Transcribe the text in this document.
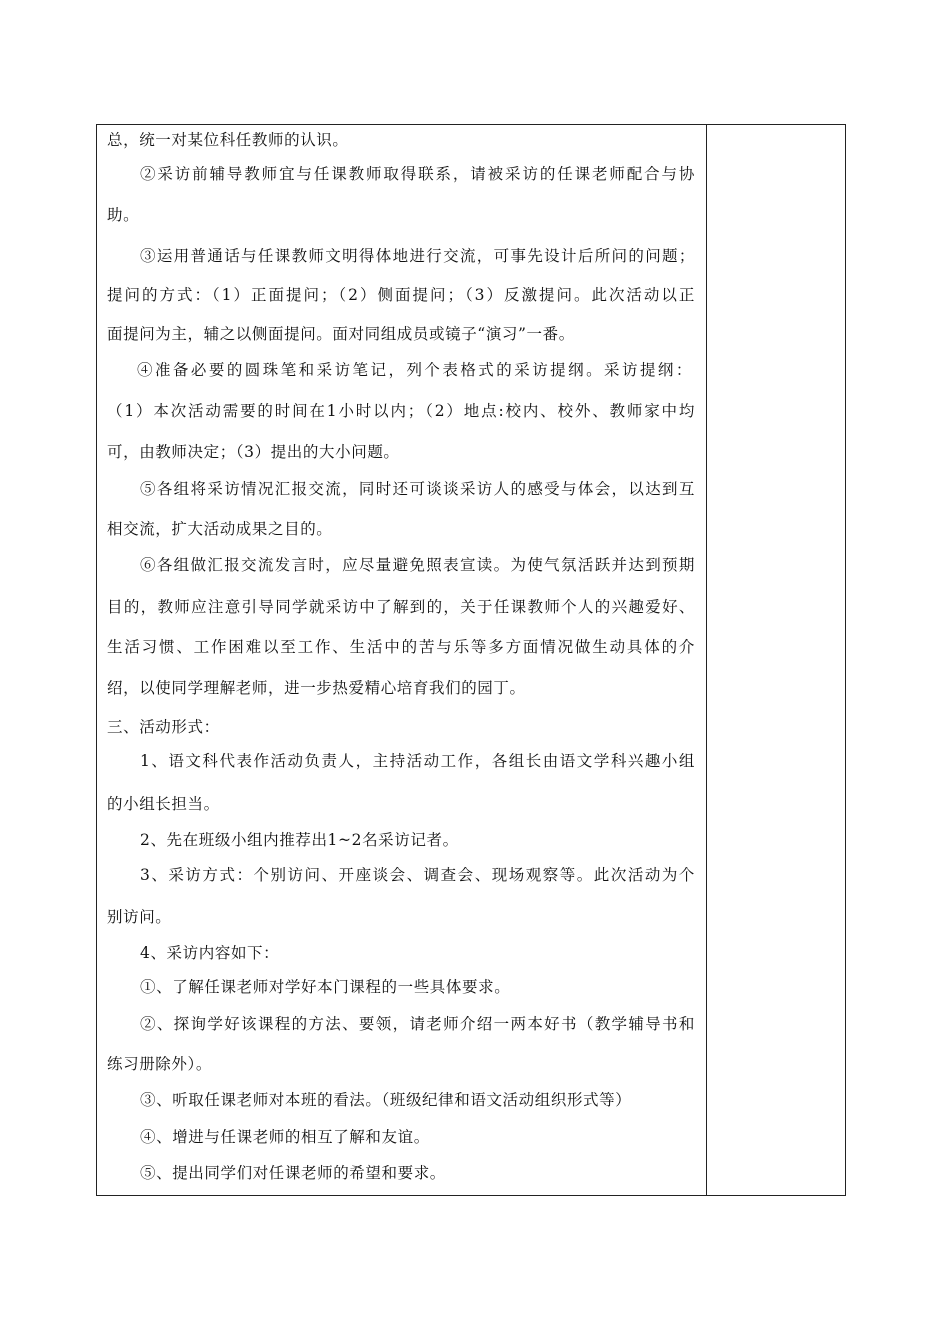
总，统一对某位科任教师的认识。
②采访前辅导教师宜与任课教师取得联系，请被采访的任课老师配合与协
助。
③运用普通话与任课教师文明得体地进行交流，可事先设计后所问的问题；
提问的方式：（1）正面提问；（2）侧面提问；（3）反激提问。此次活动以正
面提问为主，辅之以侧面提问。面对同组成员或镜子“演习”一番。
④准备必要的圆珠笔和采访笔记，列个表格式的采访提纲。采访提纲：
（1）本次活动需要的时间在1小时以内；（2）地点:校内、校外、教师家中均
可，由教师决定；（3）提出的大小问题。
⑤各组将采访情况汇报交流，同时还可谈谈采访人的感受与体会，以达到互
相交流，扩大活动成果之目的。
⑥各组做汇报交流发言时，应尽量避免照表宣读。为使气氛活跃并达到预期
目的，教师应注意引导同学就采访中了解到的，关于任课教师个人的兴趣爱好、
生活习惯、工作困难以至工作、生活中的苦与乐等多方面情况做生动具体的介
绍，以使同学理解老师，进一步热爱精心培育我们的园丁。
三、活动形式：
1、语文科代表作活动负责人，主持活动工作，各组长由语文学科兴趣小组
的小组长担当。
2、先在班级小组内推荐出1~2名采访记者。
3、采访方式：个别访问、开座谈会、调查会、现场观察等。此次活动为个
别访问。
4、采访内容如下：
①、了解任课老师对学好本门课程的一些具体要求。
②、探询学好该课程的方法、要领，请老师介绍一两本好书（教学辅导书和
练习册除外）。
③、听取任课老师对本班的看法。（班级纪律和语文活动组织形式等）
④、增进与任课老师的相互了解和友谊。
⑤、提出同学们对任课老师的希望和要求。
